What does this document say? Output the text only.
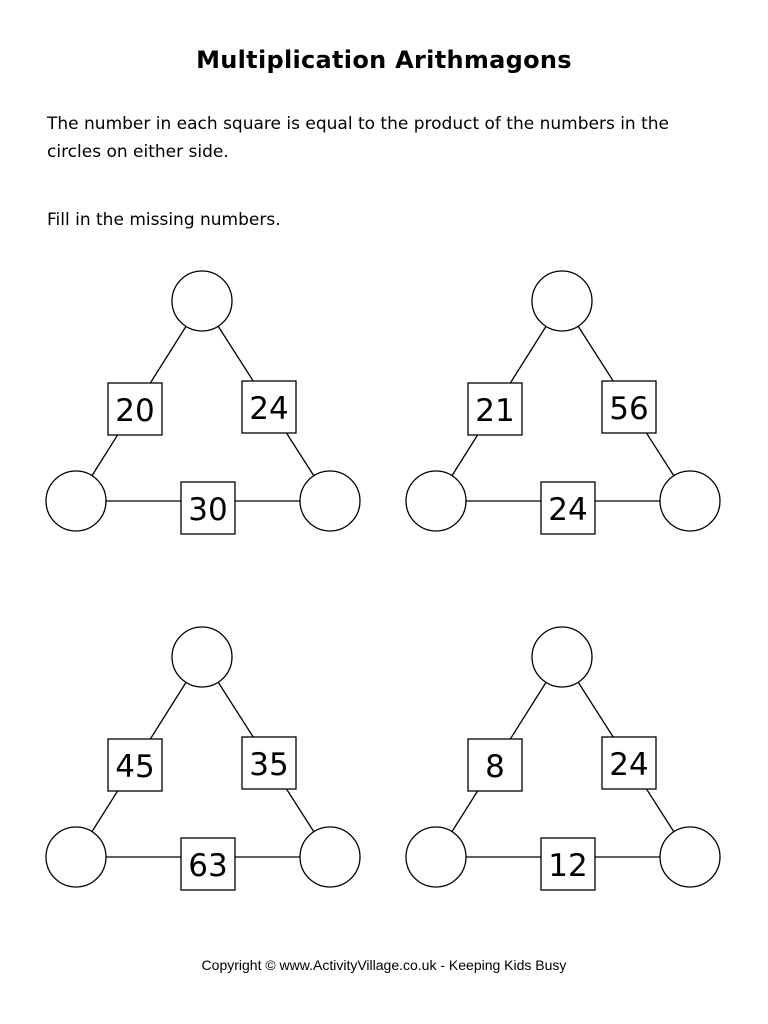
Multiplication Arithmagons

The number in each square is equal to the product of the numbers in the circles on either side.

Fill in the missing numbers.

20	24
30
21	56
24
45	35
63
8	24
12

Copyright © www.ActivityVillage.co.uk - Keeping Kids Busy
